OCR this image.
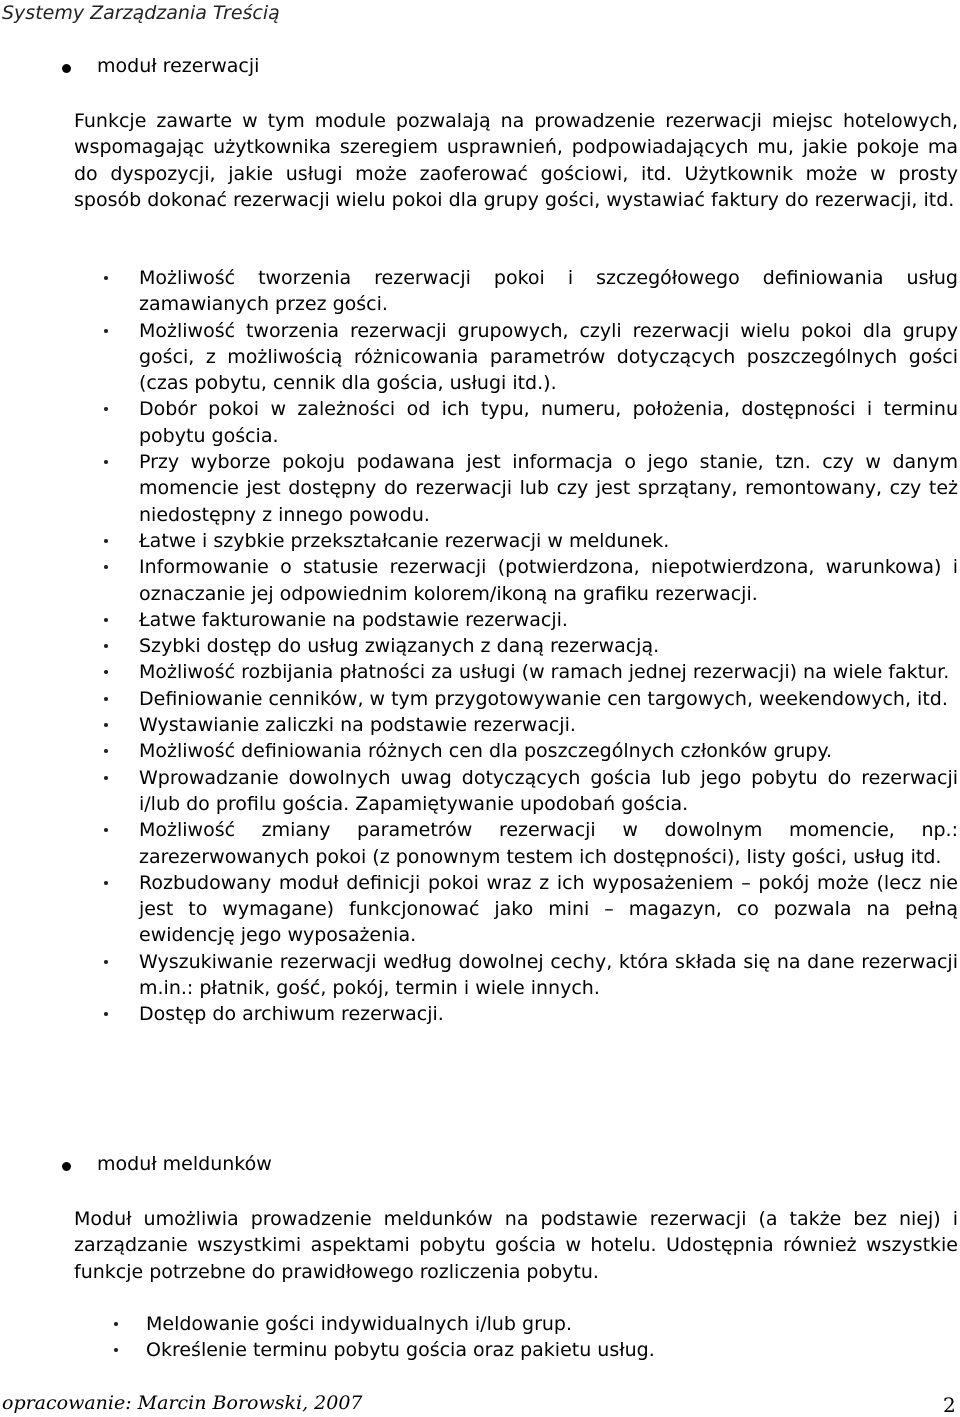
Systemy Zarządzania Treścią
moduł rezerwacji

Funkcje zawarte w tym module pozwalają na prowadzenie rezerwacji miejsc hotelowych, wspomagając użytkownika szeregiem usprawnień, podpowiadających mu, jakie pokoje ma do dyspozycji, jakie usługi może zaoferować gościowi, itd. Użytkownik może w prosty sposób dokonać rezerwacji wielu pokoi dla grupy gości, wystawiać faktury do rezerwacji, itd.

Możliwość tworzenia rezerwacji pokoi i szczegółowego definiowania usług zamawianych przez gości.
Możliwość tworzenia rezerwacji grupowych, czyli rezerwacji wielu pokoi dla grupy gości, z możliwością różnicowania parametrów dotyczących poszczególnych gości (czas pobytu, cennik dla gościa, usługi itd.).
Dobór pokoi w zależności od ich typu, numeru, położenia, dostępności i terminu pobytu gościa.
Przy wyborze pokoju podawana jest informacja o jego stanie, tzn. czy w danym momencie jest dostępny do rezerwacji lub czy jest sprzątany, remontowany, czy też niedostępny z innego powodu.
Łatwe i szybkie przekształcanie rezerwacji w meldunek.
Informowanie o statusie rezerwacji (potwierdzona, niepotwierdzona, warunkowa) i oznaczanie jej odpowiednim kolorem/ikoną na grafiku rezerwacji.
Łatwe fakturowanie na podstawie rezerwacji.
Szybki dostęp do usług związanych z daną rezerwacją.
Możliwość rozbijania płatności za usługi (w ramach jednej rezerwacji) na wiele faktur.
Definiowanie cenników, w tym przygotowywanie cen targowych, weekendowych, itd.
Wystawianie zaliczki na podstawie rezerwacji.
Możliwość definiowania różnych cen dla poszczególnych członków grupy.
Wprowadzanie dowolnych uwag dotyczących gościa lub jego pobytu do rezerwacji i/lub do profilu gościa. Zapamiętywanie upodobań gościa.
Możliwość zmiany parametrów rezerwacji w dowolnym momencie, np.: zarezerwowanych pokoi (z ponownym testem ich dostępności), listy gości, usług itd.
Rozbudowany moduł definicji pokoi wraz z ich wyposażeniem – pokój może (lecz nie jest to wymagane) funkcjonować jako mini – magazyn, co pozwala na pełną ewidencję jego wyposażenia.
Wyszukiwanie rezerwacji według dowolnej cechy, która składa się na dane rezerwacji m.in.: płatnik, gość, pokój, termin i wiele innych.
Dostęp do archiwum rezerwacji.
moduł meldunków

Moduł umożliwia prowadzenie meldunków na podstawie rezerwacji (a także bez niej) i zarządzanie wszystkimi aspektami pobytu gościa w hotelu. Udostępnia również wszystkie funkcje potrzebne do prawidłowego rozliczenia pobytu.

Meldowanie gości indywidualnych i/lub grup.
Określenie terminu pobytu gościa oraz pakietu usług.
opracowanie: Marcin Borowski, 2007	2
